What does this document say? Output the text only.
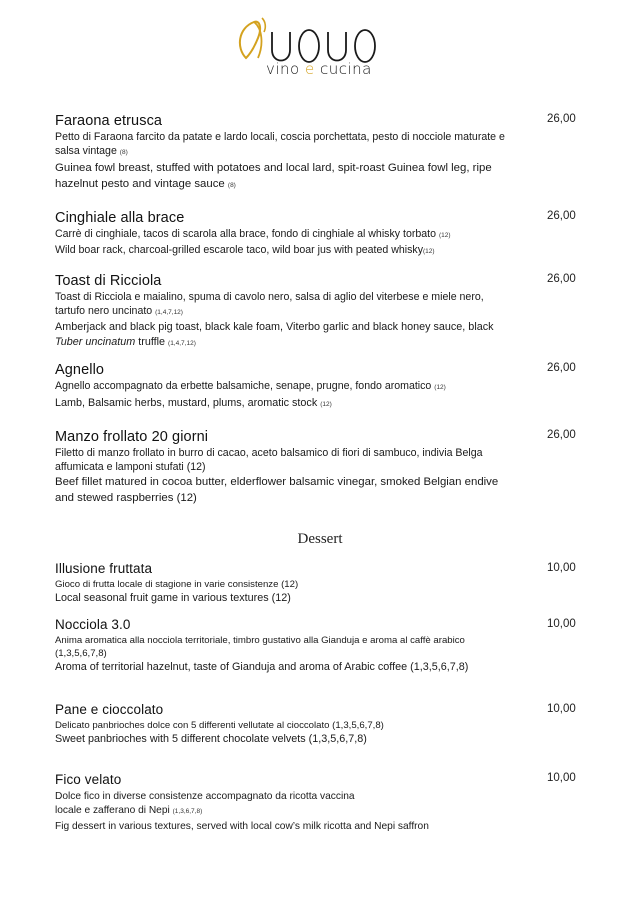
vino e cucina
Faraona etrusca
Petto di Faraona farcito da patate e lardo locali, coscia porchettata, pesto di nocciole maturate e salsa vintage (8)
Guinea fowl breast, stuffed with potatoes and local lard, spit-roast Guinea fowl leg, ripe hazelnut pesto and vintage sauce (8)
26,00
Cinghiale alla brace
Carrè di cinghiale, tacos di scarola alla brace, fondo di cinghiale al whisky torbato (12)
Wild boar rack, charcoal-grilled escarole taco, wild boar jus with peated whisky(12)
26,00
Toast di Ricciola
Toast di Ricciola e maialino, spuma di cavolo nero, salsa di aglio del viterbese e miele nero, tartufo nero uncinato (1,4,7,12)
Amberjack and black pig toast, black kale foam, Viterbo garlic and black honey sauce, black Tuber uncinatum truffle (1,4,7,12)
26,00
Agnello
Agnello accompagnato da erbette balsamiche, senape, prugne, fondo aromatico (12)
Lamb, Balsamic herbs, mustard, plums, aromatic stock (12)
26,00
Manzo frollato 20 giorni
Filetto di manzo frollato in burro di cacao, aceto balsamico di fiori di sambuco, indivia Belga affumicata e lamponi stufati (12)
Beef fillet matured in cocoa butter, elderflower balsamic vinegar, smoked Belgian endive and stewed raspberries (12)
26,00
Dessert
Illusione fruttata
Gioco di frutta locale di stagione in varie consistenze (12)
Local seasonal fruit game in various textures (12)
10,00
Nocciola 3.0
Anima aromatica alla nocciola territoriale, timbro gustativo alla Gianduja e aroma al caffè arabico (1,3,5,6,7,8)
Aroma of territorial hazelnut, taste of Gianduja and aroma of Arabic coffee (1,3,5,6,7,8)
10,00
Pane e cioccolato
Delicato panbrioches dolce con 5 differenti vellutate al cioccolato (1,3,5,6,7,8)
Sweet panbrioches with 5 different chocolate velvets (1,3,5,6,7,8)
10,00
Fico velato
Dolce fico in diverse consistenze accompagnato da ricotta vaccina
locale e zafferano di Nepi (1,3,6,7,8)
Fig dessert in various textures, served with local cow’s milk ricotta and Nepi saffron
10,00
